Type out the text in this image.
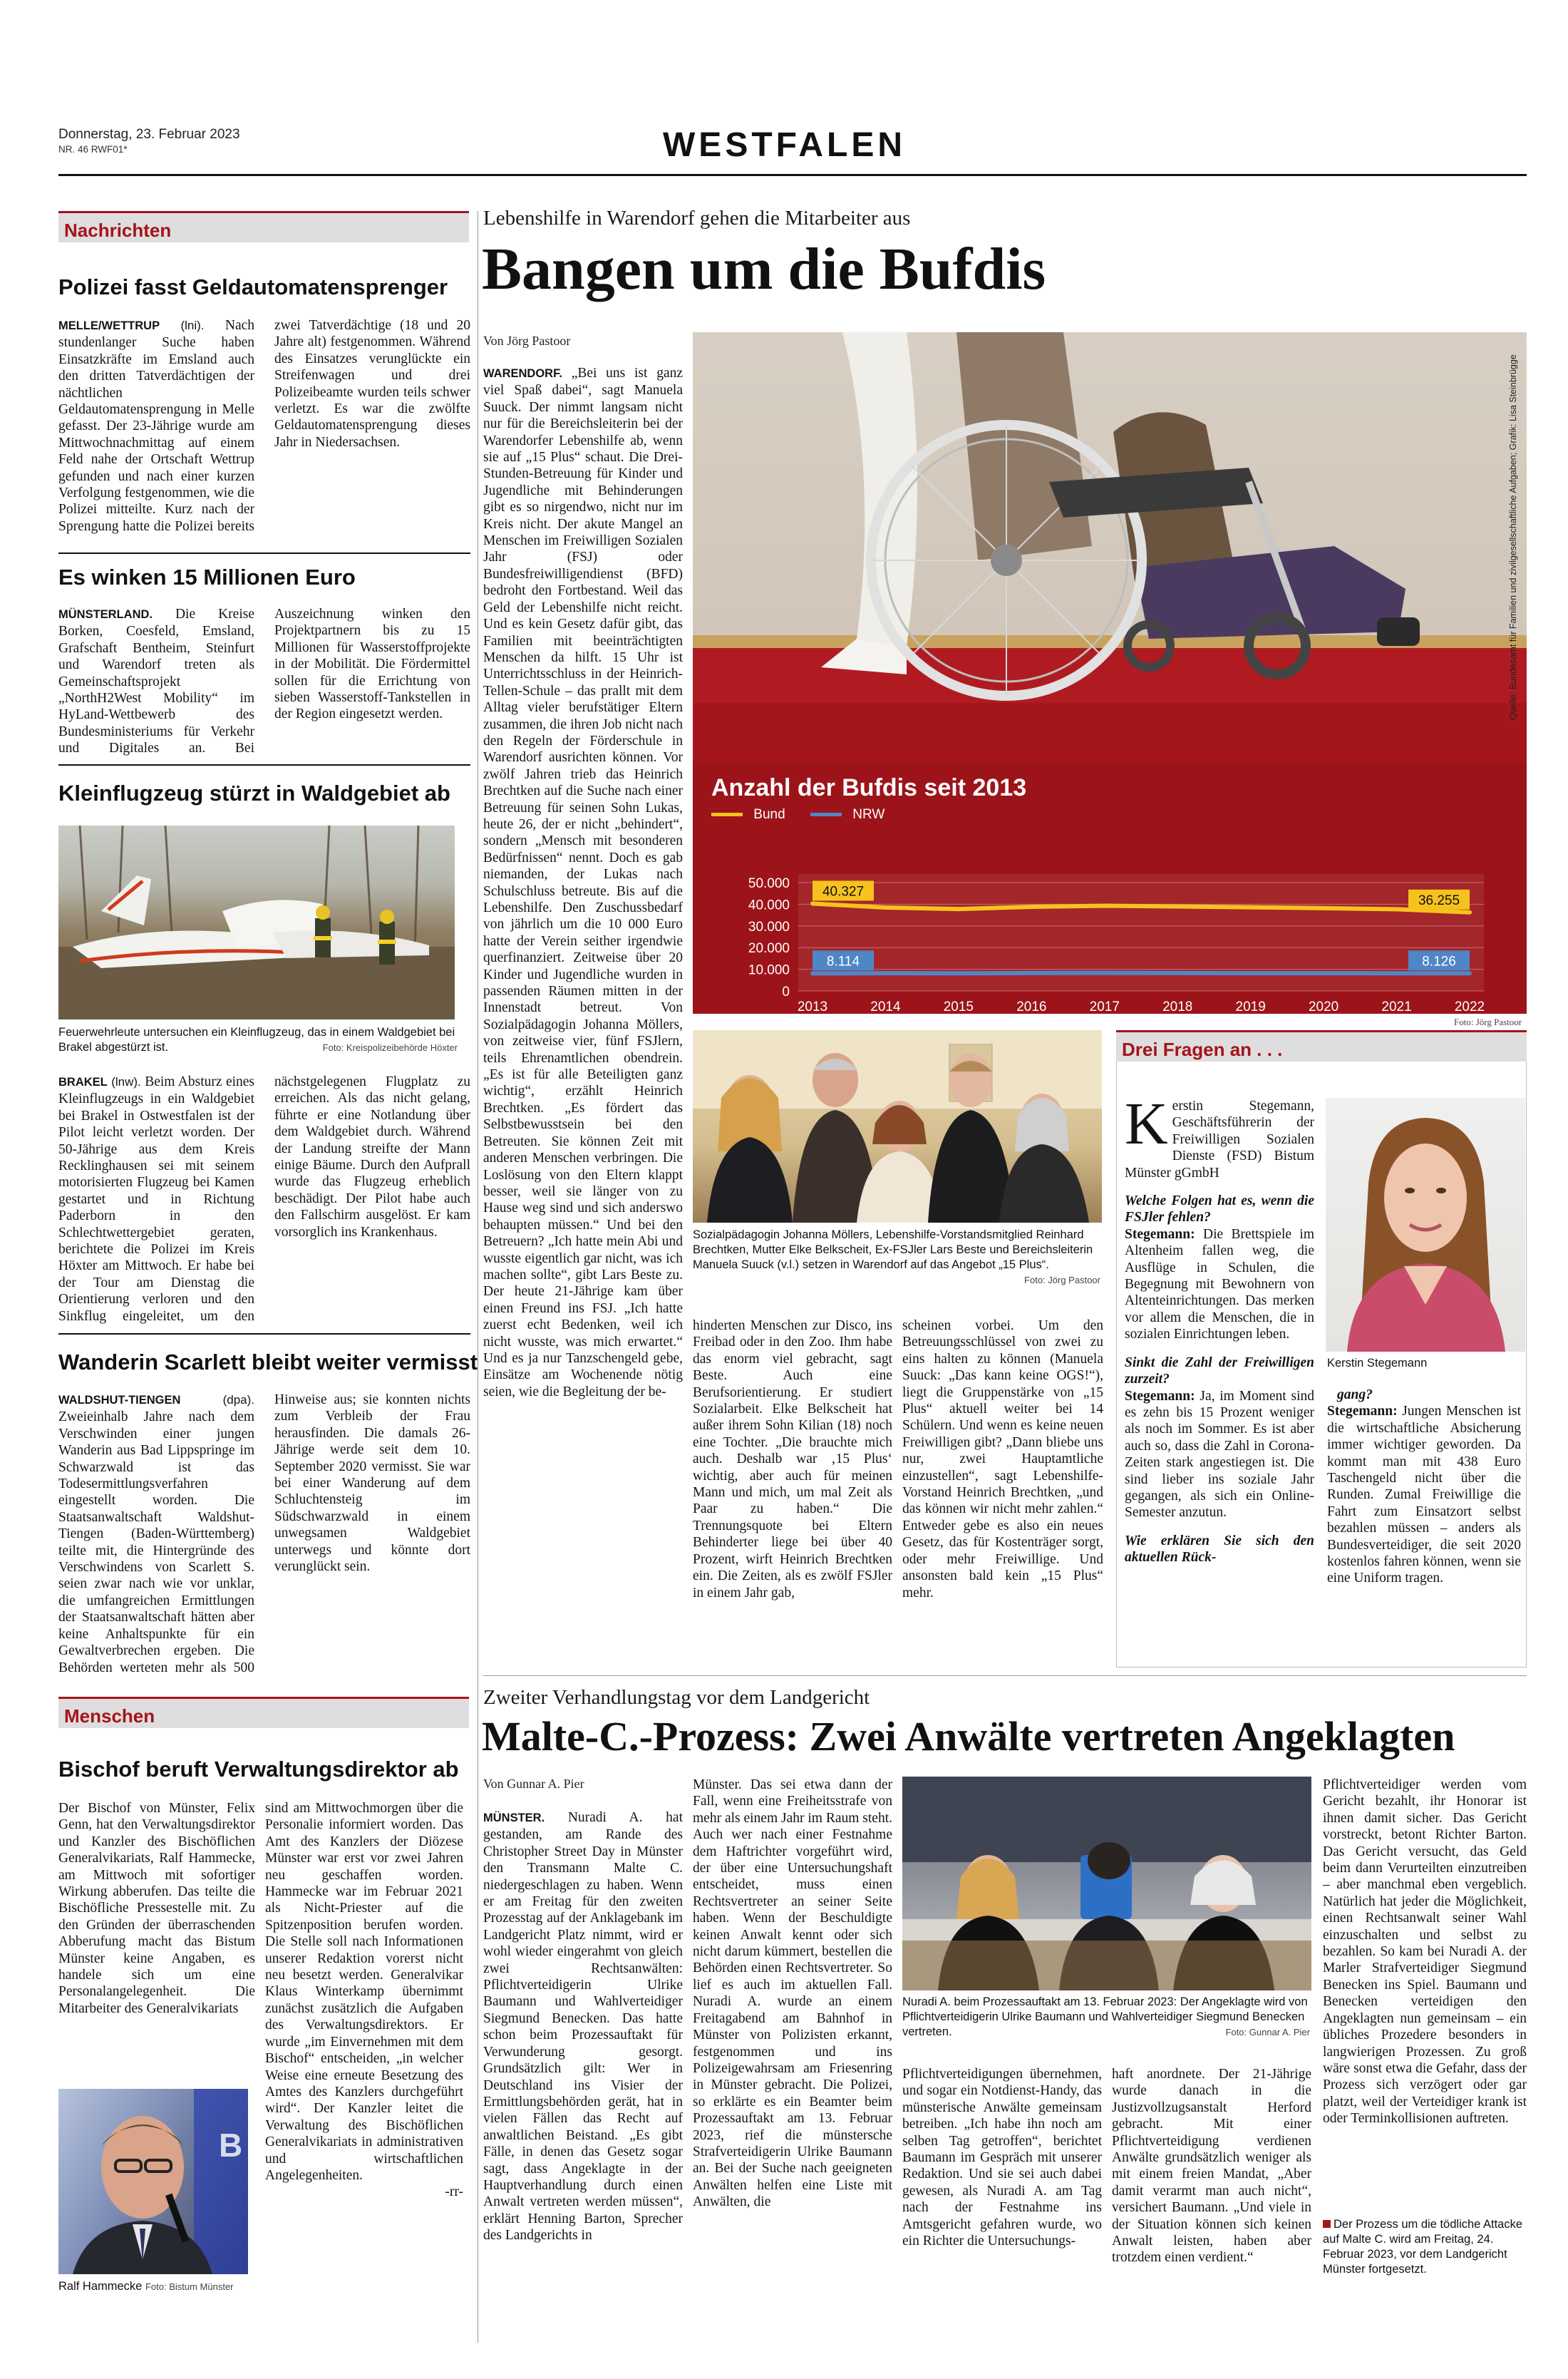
Donnerstag, 23. Februar 2023
NR. 46 RWF01*	WESTFALEN
Nachrichten
Polizei fasst Geldautomatensprenger

MELLE/WETTRUP (lni). Nach stundenlanger Suche haben Einsatzkräfte im Emsland auch den dritten Tatverdächtigen der nächtlichen Geldautomatensprengung in Melle gefasst. Der 23-Jährige wurde am Mittwochnachmittag auf einem Feld nahe der Ortschaft Wettrup gefunden und nach einer kurzen Verfolgung festgenommen, wie die Polizei mitteilte. Kurz nach der Sprengung hatte die Polizei bereits zwei Tatverdächtige (18 und 20 Jahre alt) festgenommen. Während des Einsatzes verunglückte ein Streifenwagen und drei Polizeibeamte wurden teils schwer verletzt. Es war die zwölfte Geldautomatensprengung dieses Jahr in Niedersachsen.

Es winken 15 Millionen Euro

MÜNSTERLAND. Die Kreise Borken, Coesfeld, Emsland, Grafschaft Bentheim, Steinfurt und Warendorf treten als Gemeinschaftsprojekt „NorthH2West Mobility“ im HyLand-Wettbewerb des Bundesministeriums für Verkehr und Digitales an. Bei Auszeichnung winken den Projektpartnern bis zu 15 Millionen für Wasserstoffprojekte in der Mobilität. Die Fördermittel sollen für die Errichtung von sieben Wasserstoff-Tankstellen in der Region eingesetzt werden.

Kleinflugzeug stürzt in Waldgebiet ab
Feuerwehrleute untersuchen ein Kleinflugzeug, das in einem Waldgebiet bei Brakel abgestürzt ist.	Foto: Kreispolizeibehörde Höxter

BRAKEL (lnw). Beim Absturz eines Kleinflugzeugs in ein Waldgebiet bei Brakel in Ostwestfalen ist der Pilot leicht verletzt worden. Der 50-Jährige aus dem Kreis Recklinghausen sei mit seinem motorisierten Flugzeug bei Kamen gestartet und in Richtung Paderborn in den Schlechtwettergebiet geraten, berichtete die Polizei im Kreis Höxter am Mittwoch. Er habe bei der Tour am Dienstag die Orientierung verloren und den Sinkflug eingeleitet, um den nächstgelegenen Flugplatz zu erreichen. Als das nicht gelang, führte er eine Notlandung über dem Waldgebiet durch. Während der Landung streifte der Mann einige Bäume. Durch den Aufprall wurde das Flugzeug erheblich beschädigt. Der Pilot habe auch den Fallschirm ausgelöst. Er kam vorsorglich ins Krankenhaus.

Wanderin Scarlett bleibt weiter vermisst

WALDSHUT-TIENGEN	(dpa). Zweieinhalb Jahre nach dem Verschwinden einer jungen Wanderin aus Bad Lippspringe im Schwarzwald ist das Todesermittlungsverfahren eingestellt worden. Die Staatsanwaltschaft Waldshut-Tiengen (Baden-Württemberg) teilte mit, die Hintergründe des Verschwindens von Scarlett S. seien zwar nach wie vor unklar, die umfangreichen Ermittlungen der Staatsanwaltschaft hätten aber keine Anhaltspunkte für ein Gewaltverbrechen ergeben. Die Behörden werteten mehr als 500 Hinweise aus; sie konnten nichts zum Verbleib der Frau herausfinden. Die damals 26-Jährige werde seit dem 10. September 2020 vermisst. Sie war bei einer Wanderung auf dem Schluchtensteig im Südschwarzwald in einem unwegsamen Waldgebiet unterwegs und könnte dort verunglückt sein.

Menschen
Bischof beruft Verwaltungsdirektor ab
Der Bischof von Münster, Felix Genn, hat den Verwaltungsdirektor und Kanzler des Bischöflichen Generalvikariats, Ralf Hammecke, am Mittwoch mit sofortiger Wirkung abberufen. Das teilte die Bischöfliche Pressestelle mit. Zu den Gründen der überraschenden Abberufung macht das Bistum Münster keine Angaben, es handele sich um eine Personalangelegenheit. Die Mitarbeiter des Generalvikariats
B
Ralf Hammecke Foto: Bistum Münster

sind am Mittwochmorgen über die Personalie informiert worden. Das Amt des Kanzlers der Diözese Münster war erst vor zwei Jahren neu geschaffen worden. Hammecke war im Februar 2021 als Nicht-Priester auf die Spitzenposition berufen worden. Die Stelle soll nach Informationen unserer Redaktion vorerst nicht neu besetzt werden. Generalvikar Klaus Winterkamp übernimmt zunächst zusätzlich die Aufgaben des Verwaltungsdirektors. Er wurde „im Einvernehmen mit dem Bischof“ entscheiden, „in welcher Weise eine erneute Besetzung des Amtes des Kanzlers durchgeführt wird“. Der Kanzler leitet die Verwaltung des Bischöflichen Generalvikariats in administrativen und wirtschaftlichen Angelegenheiten.

-rr-

Lebenshilfe in Warendorf gehen die Mitarbeiter aus
Bangen um die Bufdis
Von Jörg Pastoor

WARENDORF. „Bei uns ist ganz viel Spaß dabei“, sagt Manuela Suuck. Der nimmt langsam nicht nur für die Bereichsleiterin bei der Warendorfer Lebenshilfe ab, wenn sie auf „15 Plus“ schaut. Die Drei-Stunden-Betreuung für Kinder und Jugendliche mit Behinderungen gibt es so nirgendwo, nicht nur im Kreis nicht. Der akute Mangel an Menschen im Freiwilligen Sozialen Jahr (FSJ) oder Bundesfreiwilligendienst (BFD) bedroht den Fortbestand. Weil das Geld der Lebenshilfe nicht reicht. Und es kein Gesetz dafür gibt, das Familien mit beeinträchtigten Menschen da hilft. 15 Uhr ist Unterrichtsschluss in der Heinrich-Tellen-Schule – das prallt mit dem Alltag vieler berufstätiger Eltern zusammen, die ihren Job nicht nach den Regeln der Förderschule in Warendorf ausrichten können. Vor zwölf Jahren trieb das Heinrich Brechtken auf die Suche nach einer Betreuung für seinen Sohn Lukas, heute 26, der er nicht „behindert“, sondern „Mensch mit besonderen Bedürfnissen“ nennt. Doch es gab niemanden, der Lukas nach Schulschluss betreute. Bis auf die Lebenshilfe. Den Zuschussbedarf von jährlich um die 10 000 Euro hatte der Verein seither irgendwie querfinanziert. Zeitweise über 20 Kinder und Jugendliche wurden in passenden Räumen mitten in der Innenstadt betreut. Von Sozialpädagogin Johanna Möllers, von zeitweise vier, fünf FSJlern, teils Ehrenamtlichen obendrein. „Es ist für alle Beteiligten ganz wichtig“, erzählt Heinrich Brechtken. „Es fördert das Selbstbewusstsein bei den Betreuten. Sie können Zeit mit anderen Menschen verbringen. Die Loslösung von den Eltern klappt besser, weil sie länger von zu Hause weg sind und sich anderswo behaupten müssen.“ Und bei den Betreuern? „Ich hatte mein Abi und wusste eigentlich gar nicht, was ich machen sollte“, gibt Lars Beste zu. Der heute 21-Jährige kam über einen Freund ins FSJ. „Ich hatte zuerst echt Bedenken, weil ich nicht wusste, was mich erwartet.“ Und es ja nur Tanzschengeld gebe, Einsätze am Wochenende nötig seien, wie die Begleitung der be-

Quelle: Bundesamt für Familien und zivilgesellschaftliche Aufgaben; Grafik: Lisa Steinbrügge
Anzahl der Bufdis seit 2013
Bund	NRW
0
10.000
20.000
30.000
40.000
50.000
2013	2014	2015	2016	2017	2018	2019	2020	2021	2022
40.327
8.114
36.255
8.126
Foto: Jörg Pastoor
Sozialpädagogin Johanna Möllers, Lebenshilfe-Vorstandsmitglied Reinhard Brechtken, Mutter Elke Belkscheit, Ex-FSJler Lars Beste und Bereichsleiterin Manuela Suuck (v.l.) setzen in Warendorf auf das Angebot „15 Plus“.
Foto: Jörg Pastoor
hinderten Menschen zur Disco, ins Freibad oder in den Zoo. Ihm habe das enorm viel gebracht, sagt Beste. Auch eine Berufsorientierung. Er studiert Sozialarbeit. Elke Belkscheit hat außer ihrem Sohn Kilian (18) noch eine Tochter. „Die brauchte mich auch. Deshalb war ‚15 Plus‘ wichtig, aber auch für meinen Mann und mich, um mal Zeit als Paar zu haben.“ Die Trennungsquote bei Eltern Behinderter liege bei über 40 Prozent, wirft Heinrich Brechtken ein. Die Zeiten, als es zwölf FSJler in einem Jahr gab,
scheinen vorbei. Um den Betreuungsschlüssel von zwei zu eins halten zu können (Manuela Suuck: „Das kann keine OGS!“), liegt die Gruppenstärke von „15 Plus“ aktuell weiter bei 14 Schülern. Und wenn es keine neuen Freiwilligen gibt? „Dann bliebe uns nur, zwei Hauptamtliche einzustellen“, sagt Lebenshilfe-Vorstand Heinrich Brechtken, „und das können wir nicht mehr zahlen.“ Entweder gebe es also ein neues Gesetz, das für Kostenträger sorgt, oder mehr Freiwillige. Und ansonsten bald kein „15 Plus“ mehr.
Drei Fragen an . . .

Kerstin Stegemann, Geschäftsführerin der Freiwilligen Sozialen Dienste (FSD) Bistum Münster gGmbH

Welche Folgen hat es, wenn die FSJler fehlen?

Stegemann: Die Brettspiele im Altenheim fallen weg, die Ausflüge in Schulen, die Begegnung mit Bewohnern von Altenteinrichtungen. Das merken vor allem die Menschen, die in sozialen Einrichtungen leben.

Sinkt die Zahl der Freiwilligen zurzeit?

Stegemann: Ja, im Moment sind es zehn bis 15 Prozent weniger als noch im Sommer. Es ist aber auch so, dass die Zahl in Corona-Zeiten stark angestiegen ist. Die sind lieber ins soziale Jahr gegangen, als sich ein Online-Semester anzutun.

Wie erklären Sie sich den aktuellen Rück-

Kerstin Stegemann

gang?

Stegemann: Jungen Menschen ist die wirtschaftliche Absicherung immer wichtiger geworden. Da kommt man mit 438 Euro Taschengeld nicht über die Runden. Zumal Freiwillige die Fahrt zum Einsatzort selbst bezahlen müssen – anders als Bundesverteidiger, die seit 2020 kostenlos fahren können, wenn sie eine Uniform tragen.

Zweiter Verhandlungstag vor dem Landgericht
Malte-C.-Prozess: Zwei Anwälte vertreten Angeklagten
Von Gunnar A. Pier

MÜNSTER. Nuradi A. hat gestanden, am Rande des Christopher Street Day in Münster den Transmann Malte C. niedergeschlagen zu haben. Wenn er am Freitag für den zweiten Prozesstag auf der Anklagebank im Landgericht Platz nimmt, wird er wohl wieder eingerahmt von gleich zwei Rechtsanwälten: Pflichtverteidigerin Ulrike Baumann und Wahlverteidiger Siegmund Benecken. Das hatte schon beim Prozessauftakt für Verwunderung gesorgt. Grundsätzlich gilt: Wer in Deutschland ins Visier der Ermittlungsbehörden gerät, hat in vielen Fällen das Recht auf anwaltlichen Beistand. „Es gibt Fälle, in denen das Gesetz sogar sagt, dass Angeklagte in der Hauptverhandlung durch einen Anwalt vertreten werden müssen“, erklärt Henning Barton, Sprecher des Landgerichts in

Münster. Das sei etwa dann der Fall, wenn eine Freiheitsstrafe von mehr als einem Jahr im Raum steht. Auch wer nach einer Festnahme dem Haftrichter vorgeführt wird, der über eine Untersuchungshaft entscheidet, muss einen Rechtsvertreter an seiner Seite haben. Wenn der Beschuldigte keinen Anwalt kennt oder sich nicht darum kümmert, bestellen die Behörden einen Rechtsvertreter. So lief es auch im aktuellen Fall. Nuradi A. wurde an einem Freitagabend am Bahnhof in Münster von Polizisten erkannt, festgenommen und ins Polizeigewahrsam am Friesenring in Münster gebracht. Die Polizei, so erklärte es ein Beamter beim Prozessauftakt am 13. Februar 2023, rief die münstersche Strafverteidigerin Ulrike Baumann an. Bei der Suche nach geeigneten Anwälten helfen eine Liste mit Anwälten, die
Nuradi A. beim Prozessauftakt am 13. Februar 2023: Der Angeklagte wird von Pflichtverteidigerin Ulrike Baumann und Wahlverteidiger Siegmund Benecken vertreten.	Foto: Gunnar A. Pier
Pflichtverteidigungen übernehmen, und sogar ein Notdienst-Handy, das münsterische Anwälte gemeinsam betreiben. „Ich habe ihn noch am selben Tag getroffen“, berichtet Baumann im Gespräch mit unserer Redaktion. Und sie sei auch dabei gewesen, als Nuradi A. am Tag nach der Festnahme ins Amtsgericht gefahren wurde, wo ein Richter die Untersuchungs-
haft anordnete. Der 21-Jährige wurde danach in die Justizvollzugsanstalt Herford gebracht. Mit einer Pflichtverteidigung verdienen Anwälte grundsätzlich weniger als mit einem freien Mandat, „Aber damit verarmt man auch nicht“, versichert Baumann. „Und viele in der Situation können sich keinen Anwalt leisten, haben aber trotzdem einen verdient.“
Pflichtverteidiger werden vom Gericht bezahlt, ihr Honorar ist ihnen damit sicher. Das Gericht vorstreckt, betont Richter Barton. Das Gericht versucht, das Geld beim dann Verurteilten einzutreiben – aber manchmal eben vergeblich. Natürlich hat jeder die Möglichkeit, einen Rechtsanwalt seiner Wahl einzuschalten und selbst zu bezahlen. So kam bei Nuradi A. der Marler Strafverteidiger Siegmund Benecken ins Spiel. Baumann und Benecken verteidigen den Angeklagten nun gemeinsam – ein übliches Prozedere besonders in langwierigen Prozessen. Zu groß wäre sonst etwa die Gefahr, dass der Prozess sich verzögert oder gar platzt, weil der Verteidiger krank ist oder Terminkollisionen auftreten.
Der Prozess um die tödliche Attacke auf Malte C. wird am Freitag, 24. Februar 2023, vor dem Landgericht Münster fortgesetzt.
